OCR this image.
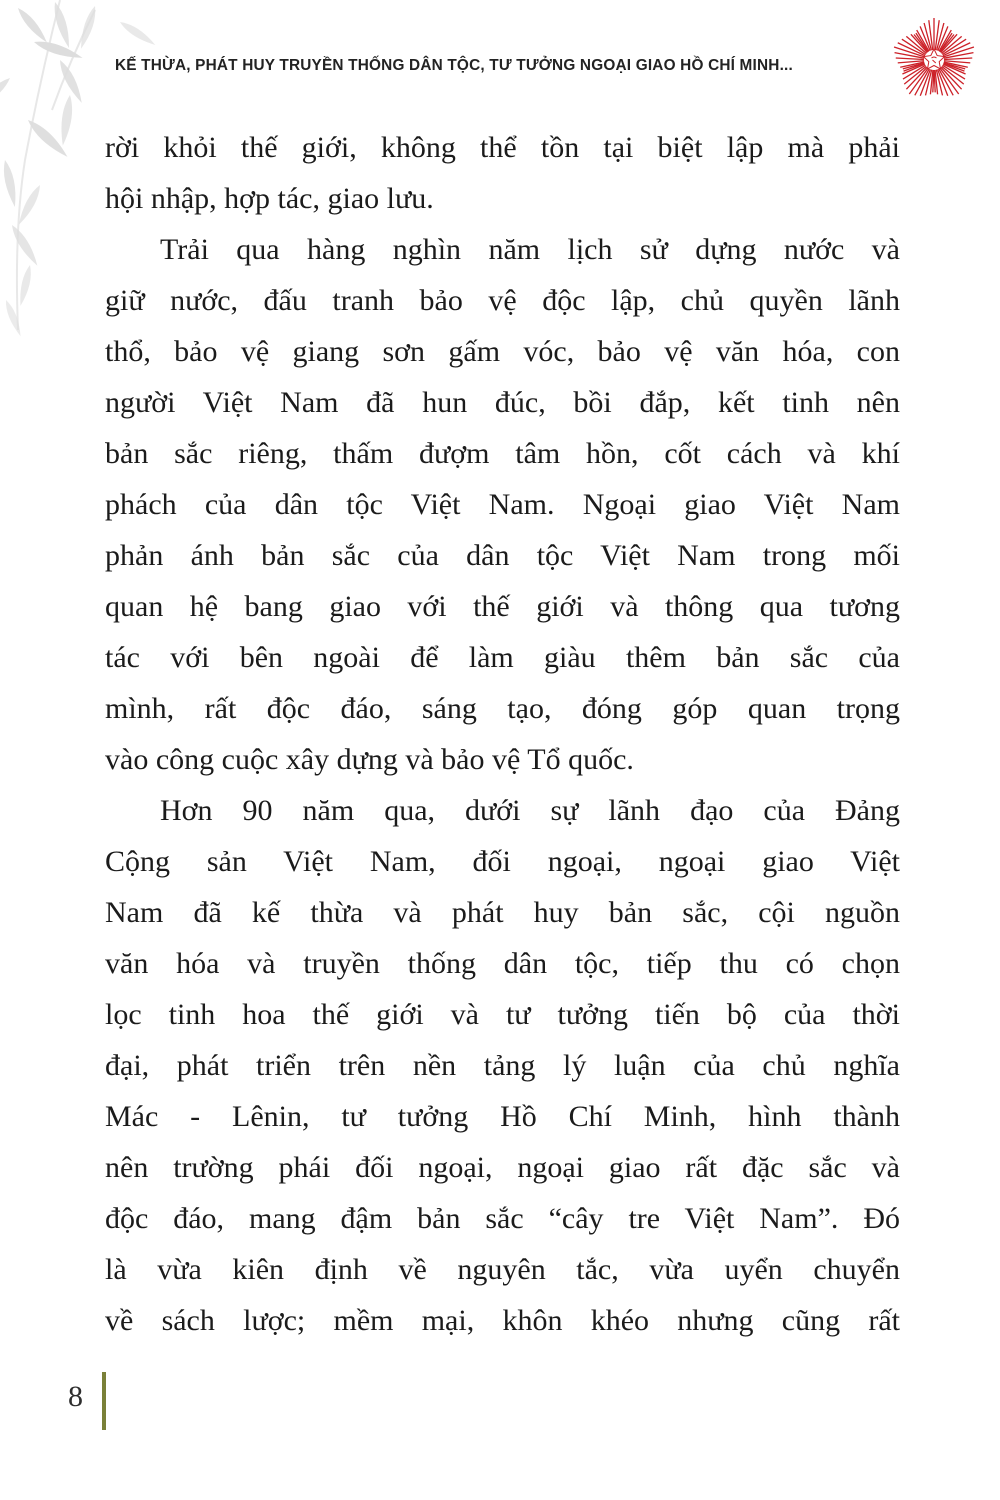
KẾ THỪA, PHÁT HUY TRUYỀN THỐNG DÂN TỘC, TƯ TƯỞNG NGOẠI GIAO HỒ CHÍ MINH...
rời khỏi thế giới, không thể tồn tại biệt lập mà phải
hội nhập, hợp tác, giao lưu.
Trải qua hàng nghìn năm lịch sử dựng nước và
giữ nước, đấu tranh bảo vệ độc lập, chủ quyền lãnh
thổ, bảo vệ giang sơn gấm vóc, bảo vệ văn hóa, con
người Việt Nam đã hun đúc, bồi đắp, kết tinh nên
bản sắc riêng, thấm đượm tâm hồn, cốt cách và khí
phách của dân tộc Việt Nam. Ngoại giao Việt Nam
phản ánh bản sắc của dân tộc Việt Nam trong mối
quan hệ bang giao với thế giới và thông qua tương
tác với bên ngoài để làm giàu thêm bản sắc của
mình, rất độc đáo, sáng tạo, đóng góp quan trọng
vào công cuộc xây dựng và bảo vệ Tổ quốc.
Hơn 90 năm qua, dưới sự lãnh đạo của Đảng
Cộng sản Việt Nam, đối ngoại, ngoại giao Việt
Nam đã kế thừa và phát huy bản sắc, cội nguồn
văn hóa và truyền thống dân tộc, tiếp thu có chọn
lọc tinh hoa thế giới và tư tưởng tiến bộ của thời
đại, phát triển trên nền tảng lý luận của chủ nghĩa
Mác - Lênin, tư tưởng Hồ Chí Minh, hình thành
nên trường phái đối ngoại, ngoại giao rất đặc sắc và
độc đáo, mang đậm bản sắc “cây tre Việt Nam”. Đó
là vừa kiên định về nguyên tắc, vừa uyển chuyển
về sách lược; mềm mại, khôn khéo nhưng cũng rất
8
